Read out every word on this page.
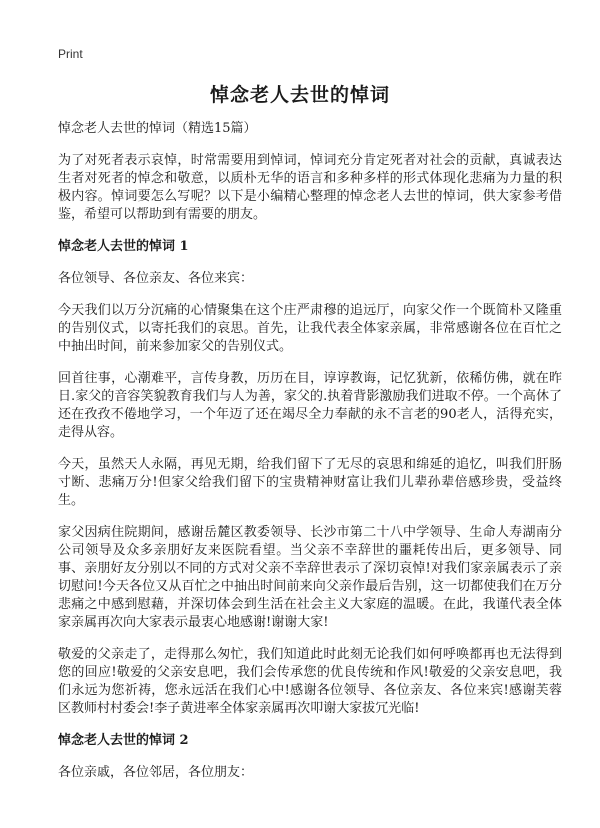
Print
悼念老人去世的悼词

悼念老人去世的悼词（精选15篇）

为了对死者表示哀悼，时常需要用到悼词，悼词充分肯定死者对社会的贡献，真诚表达生者对死者的悼念和敬意，以质朴无华的语言和多种多样的形式体现化悲痛为力量的积极内容。悼词要怎么写呢？以下是小编精心整理的悼念老人去世的悼词，供大家参考借鉴，希望可以帮助到有需要的朋友。

悼念老人去世的悼词 1

各位领导、各位亲友、各位来宾：

今天我们以万分沉痛的心情聚集在这个庄严肃穆的追远厅，向家父作一个既简朴又隆重的告别仪式，以寄托我们的哀思。首先，让我代表全体家亲属，非常感谢各位在百忙之中抽出时间，前来参加家父的告别仪式。

回首往事，心潮难平，言传身教，历历在目，谆谆教诲，记忆犹新，依稀仿佛，就在昨日.家父的音容笑貌教育我们与人为善，家父的.执着背影激励我们进取不停。一个高休了还在孜孜不倦地学习，一个年迈了还在竭尽全力奉献的永不言老的90老人，活得充实，走得从容。

今天，虽然天人永隔，再见无期，给我们留下了无尽的哀思和绵延的追忆，叫我们肝肠寸断、悲痛万分!但家父给我们留下的宝贵精神财富让我们儿辈孙辈倍感珍贵，受益终生。

家父因病住院期间，感谢岳麓区教委领导、长沙市第二十八中学领导、生命人寿湖南分公司领导及众多亲朋好友来医院看望。当父亲不幸辞世的噩耗传出后，更多领导、同事、亲朋好友分别以不同的方式对父亲不幸辞世表示了深切哀悼!对我们家亲属表示了亲切慰问!今天各位又从百忙之中抽出时间前来向父亲作最后告别，这一切都使我们在万分悲痛之中感到慰藉，并深切体会到生活在社会主义大家庭的温暖。在此，我谨代表全体家亲属再次向大家表示最衷心地感谢!谢谢大家!

敬爱的父亲走了，走得那么匆忙，我们知道此时此刻无论我们如何呼唤都再也无法得到您的回应!敬爱的父亲安息吧，我们会传承您的优良传统和作风!敬爱的父亲安息吧，我们永远为您祈祷，您永远活在我们心中!感谢各位领导、各位亲友、各位来宾!感谢芙蓉区教师村村委会!李子黄进率全体家亲属再次叩谢大家拔冗光临!

悼念老人去世的悼词 2

各位亲戚，各位邻居，各位朋友：
